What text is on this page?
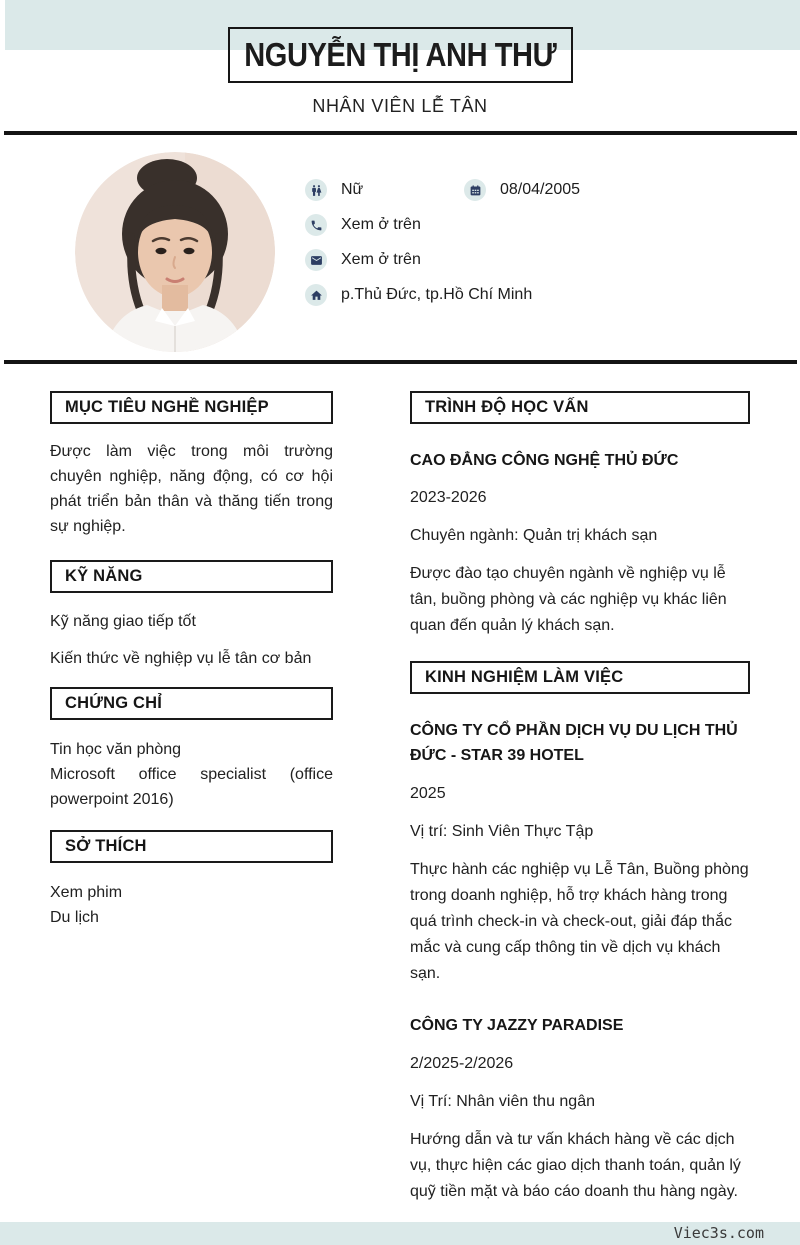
NGUYỄN THỊ ANH THƯ
NHÂN VIÊN LỄ TÂN
Nữ	08/04/2005
Xem ở trên
Xem ở trên
p.Thủ Đức, tp.Hồ Chí Minh
MỤC TIÊU NGHỀ NGHIỆP

Được làm việc trong môi trường chuyên nghiệp, năng động, có cơ hội phát triển bản thân và thăng tiến trong sự nghiệp.

KỸ NĂNG

Kỹ năng giao tiếp tốt

Kiến thức về nghiệp vụ lễ tân cơ bản

CHỨNG CHỈ

Tin học văn phòng

Microsoft office specialist (office powerpoint 2016)

SỞ THÍCH

Xem phim

Du lịch

TRÌNH ĐỘ HỌC VẤN

CAO ĐẲNG CÔNG NGHỆ THỦ ĐỨC

2023-2026

Chuyên ngành: Quản trị khách sạn

Được đào tạo chuyên ngành về nghiệp vụ lễ tân, buồng phòng và các nghiệp vụ khác liên quan đến quản lý khách sạn.

KINH NGHIỆM LÀM VIỆC

CÔNG TY CỔ PHẦN DỊCH VỤ DU LỊCH THỦ ĐỨC - STAR 39 HOTEL

2025

Vị trí: Sinh Viên Thực Tập

Thực hành các nghiệp vụ Lễ Tân, Buồng phòng trong doanh nghiệp, hỗ trợ khách hàng trong quá trình check-in và check-out, giải đáp thắc mắc và cung cấp thông tin về dịch vụ khách sạn.

CÔNG TY JAZZY PARADISE

2/2025-2/2026

Vị Trí: Nhân viên thu ngân

Hướng dẫn và tư vấn khách hàng về các dịch vụ, thực hiện các giao dịch thanh toán, quản lý quỹ tiền mặt và báo cáo doanh thu hàng ngày.

Viec3s.com
